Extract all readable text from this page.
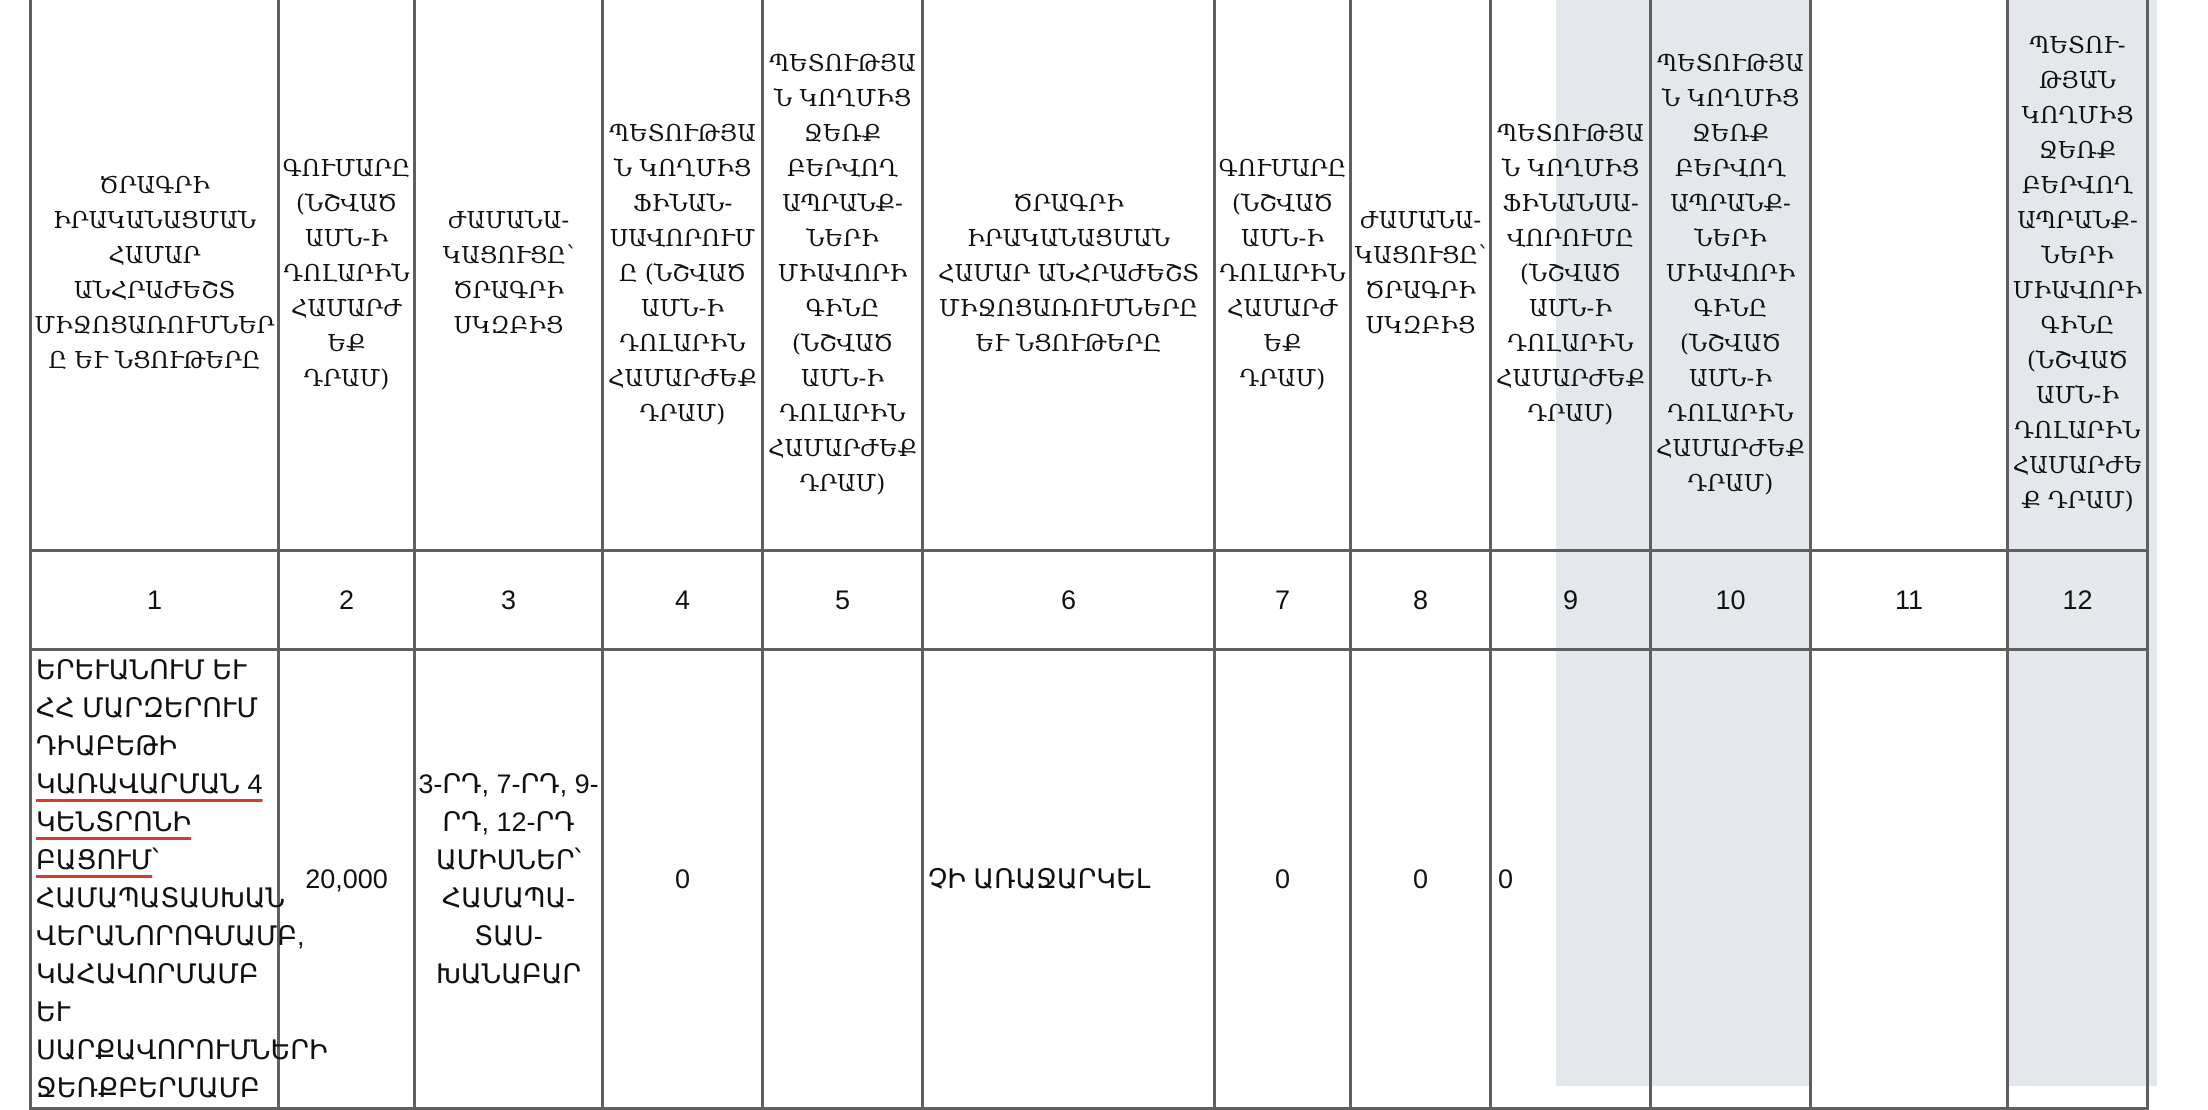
ԾՐԱԳՐԻ ԻՐԱԿԱՆԱՑՄԱՆ ՀԱՄԱՐ ԱՆՀՐԱԺԵՇՏ ՄԻՋՈՑԱՌՈՒՄՆԵՐԸ ԵՒ ՆՑՈՒԹԵՐԸ	ԳՈՒՄԱՐԸ (ՆՇՎԱԾ ԱՄՆ-Ի ԴՈԼԱՐԻՆ ՀԱՄԱՐԺԵՔ ԴՐԱՄ)	ԺԱՄԱՆԱ-ԿԱՑՈՒՑԸ՝ ԾՐԱԳՐԻ ՍԿԶԲԻՑ	ՊԵՏՈՒԹՅԱՆ ԿՈՂՄԻՑ ՖԻՆԱՆ-ՍԱՎՈՐՈՒՄԸ (ՆՇՎԱԾ ԱՄՆ-Ի ԴՈԼԱՐԻՆ ՀԱՄԱՐԺԵՔ ԴՐԱՄ)	ՊԵՏՈՒԹՅԱՆ ԿՈՂՄԻՑ ՋԵՌՔ ԲԵՐՎՈՂ ԱՊՐԱՆՔ-ՆԵՐԻ ՄԻԱՎՈՐԻ ԳԻՆԸ (ՆՇՎԱԾ ԱՄՆ-Ի ԴՈԼԱՐԻՆ ՀԱՄԱՐԺԵՔ ԴՐԱՄ)	ԾՐԱԳՐԻ ԻՐԱԿԱՆԱՑՄԱՆ ՀԱՄԱՐ ԱՆՀՐԱԺԵՇՏ ՄԻՋՈՑԱՌՈՒՄՆԵՐԸ ԵՒ ՆՑՈՒԹԵՐԸ	ԳՈՒՄԱՐԸ (ՆՇՎԱԾ ԱՄՆ-Ի ԴՈԼԱՐԻՆ ՀԱՄԱՐԺԵՔ ԴՐԱՄ)	ԺԱՄԱՆԱ-ԿԱՑՈՒՑԸ՝ ԾՐԱԳՐԻ ՍԿԶԲԻՑ	ՊԵՏՈՒԹՅԱՆ ԿՈՂՄԻՑ ՖԻՆԱՆՍԱ-ՎՈՐՈՒՄԸ (ՆՇՎԱԾ ԱՄՆ-Ի ԴՈԼԱՐԻՆ ՀԱՄԱՐԺԵՔ ԴՐԱՄ)	ՊԵՏՈՒԹՅԱՆ ԿՈՂՄԻՑ ՋԵՌՔ ԲԵՐՎՈՂ ԱՊՐԱՆՔ-ՆԵՐԻ ՄԻԱՎՈՐԻ ԳԻՆԸ (ՆՇՎԱԾ ԱՄՆ-Ի ԴՈԼԱՐԻՆ ՀԱՄԱՐԺԵՔ ԴՐԱՄ)		ՊԵՏՈՒ-ԹՅԱՆ ԿՈՂՄԻՑ ՋԵՌՔ ԲԵՐՎՈՂ ԱՊՐԱՆՔ-ՆԵՐԻ ՄԻԱՎՈՐԻ ԳԻՆԸ (ՆՇՎԱԾ ԱՄՆ-Ի ԴՈԼԱՐԻՆ ՀԱՄԱՐԺԵՔ ԴՐԱՄ)
1	2	3	4	5	6	7	8	9	10	11	12
ԵՐԵՒԱՆՈՒՄ ԵՒ ՀՀ ՄԱՐԶԵՐՈՒՄ ԴԻԱԲԵԹԻ ԿԱՌԱՎԱՐՄԱՆ 4 ԿԵՆՏՐՈՆԻ ԲԱՑՈՒՄ՝ ՀԱՄԱՊԱՏԱՍԽԱՆ ՎԵՐԱՆՈՐՈԳՄԱՄԲ, ԿԱՀԱՎՈՐՄԱՄԲ ԵՒ ՍԱՐՔԱՎՈՐՈՒՄՆԵՐԻ ՋԵՌՔԲԵՐՄԱՄԲ	20,000	3-ՐԴ, 7-ՐԴ, 9-ՐԴ, 12-ՐԴ ԱՄԻՍՆԵՐ՝ ՀԱՄԱՊԱ-ՏԱՍ-ԽԱՆԱԲԱՐ	0		ՉԻ ԱՌԱՋԱՐԿԵԼ	0	0	0			
